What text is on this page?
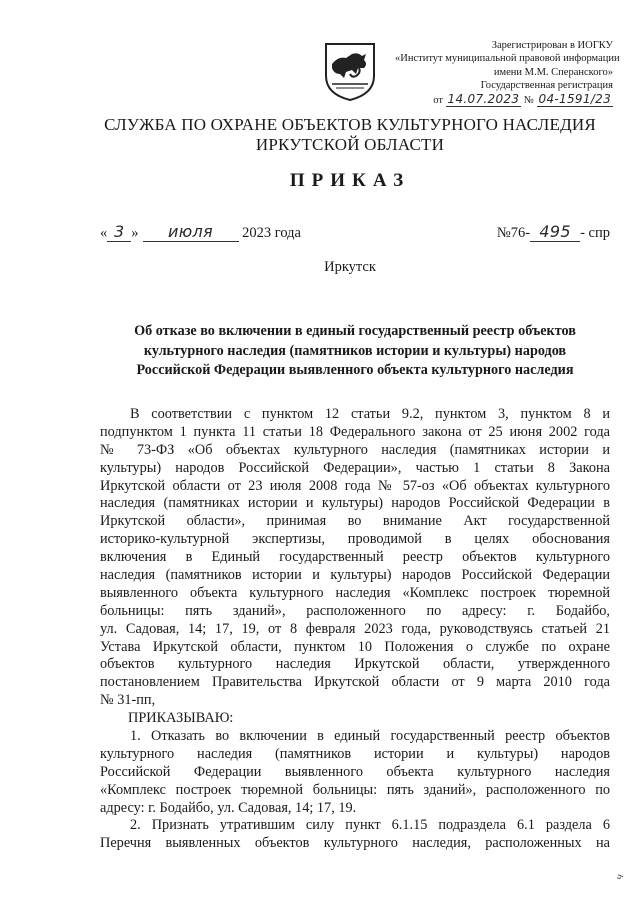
Зарегистрирован в ИОГКУ
«Институт муниципальной правовой информации
имени М.М. Сперанского»
Государственная регистрация
от 14.07.2023 № 04-1591/23
СЛУЖБА ПО ОХРАНЕ ОБЪЕКТОВ КУЛЬТУРНОГО НАСЛЕДИЯ
ИРКУТСКОЙ ОБЛАСТИ
ПРИКАЗ
« 3 » июля 2023 года	№76- 495 - спр
Иркутск
Об отказе во включении в единый государственный реестр объектов
культурного наследия (памятников истории и культуры) народов
Российской Федерации выявленного объекта культурного наследия
В соответствии с пунктом 12 статьи 9.2, пунктом 3, пунктом 8 и
подпунктом 1 пункта 11 статьи 18 Федерального закона от 25 июня 2002 года
№ 73-ФЗ «Об объектах культурного наследия (памятниках истории и
культуры) народов Российской Федерации», частью 1 статьи 8 Закона
Иркутской области от 23 июля 2008 года № 57-оз «Об объектах культурного
наследия (памятниках истории и культуры) народов Российской Федерации в
Иркутской области», принимая во внимание Акт государственной
историко-культурной экспертизы, проводимой в целях обоснования
включения в Единый государственный реестр объектов культурного
наследия (памятников истории и культуры) народов Российской Федерации
выявленного объекта культурного наследия «Комплекс построек тюремной
больницы: пять зданий», расположенного по адресу: г. Бодайбо,
ул. Садовая, 14; 17, 19, от 8 февраля 2023 года, руководствуясь статьей 21
Устава Иркутской области, пунктом 10 Положения о службе по охране
объектов культурного наследия Иркутской области, утвержденного
постановлением Правительства Иркутской области от 9 марта 2010 года
№ 31-пп,
ПРИКАЗЫВАЮ:
1. Отказать во включении в единый государственный реестр объектов
культурного наследия (памятников истории и культуры) народов
Российской Федерации выявленного объекта культурного наследия
«Комплекс построек тюремной больницы: пять зданий», расположенного по
адресу: г. Бодайбо, ул. Садовая, 14; 17, 19.
2. Признать утратившим силу пункт 6.1.15 подраздела 6.1 раздела 6
Перечня выявленных объектов культурного наследия, расположенных на
ч
